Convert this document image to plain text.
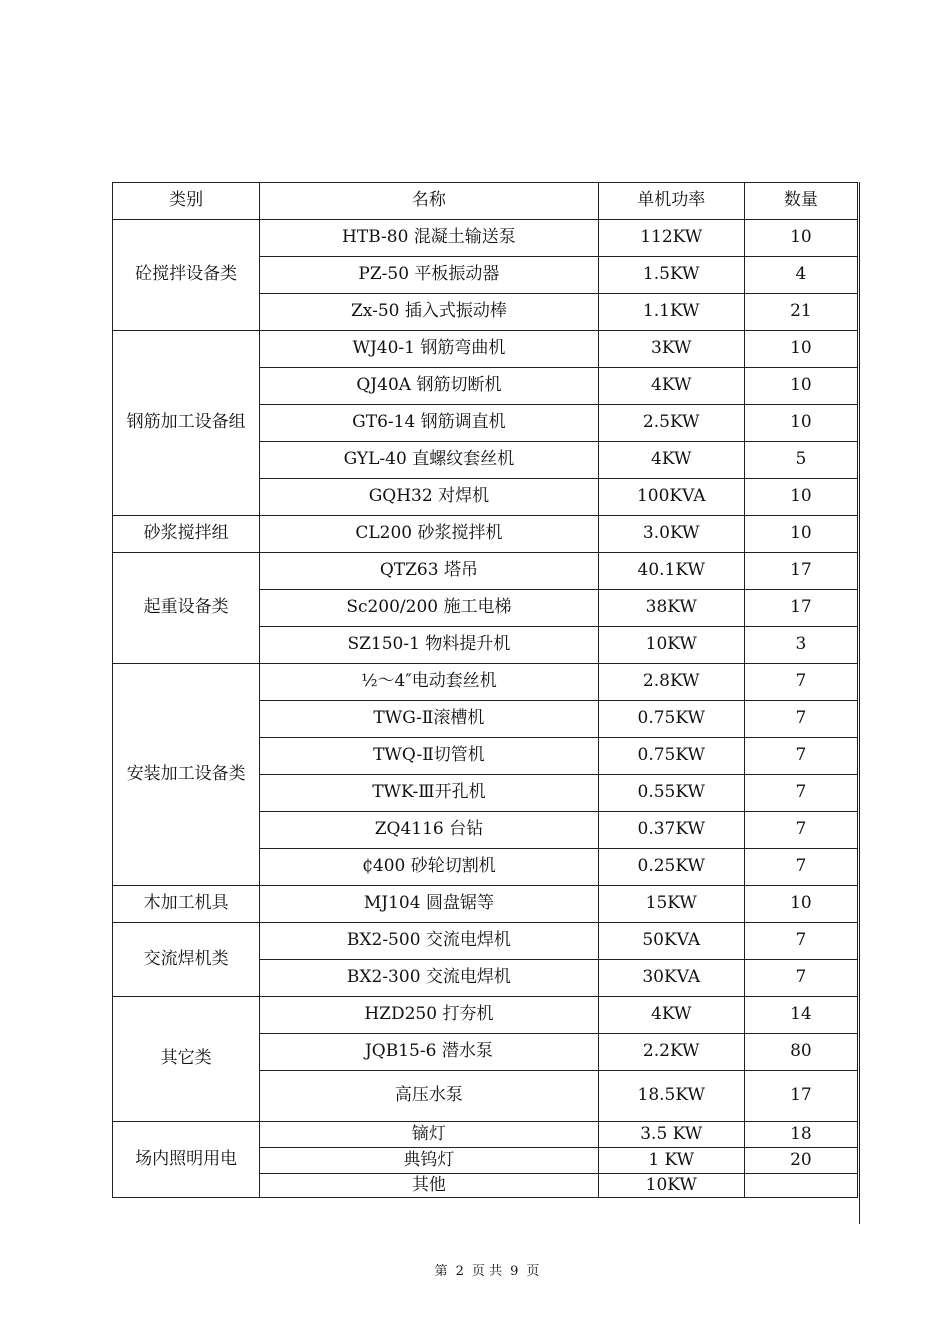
类别	名称	单机功率	数量
砼搅拌设备类	HTB-80 混凝土输送泵	112KW	10
	PZ-50 平板振动器	1.5KW	4
	Zx-50 插入式振动棒	1.1KW	21
钢筋加工设备组	WJ40-1 钢筋弯曲机	3KW	10
	QJ40A 钢筋切断机	4KW	10
	GT6-14 钢筋调直机	2.5KW	10
	GYL-40 直螺纹套丝机	4KW	5
	GQH32 对焊机	100KVA	10
砂浆搅拌组	CL200 砂浆搅拌机	3.0KW	10
起重设备类	QTZ63 塔吊	40.1KW	17
	Sc200/200 施工电梯	38KW	17
	SZ150-1 物料提升机	10KW	3
安装加工设备类	½～4″电动套丝机	2.8KW	7
	TWG-Ⅱ滚槽机	0.75KW	7
	TWQ-Ⅱ切管机	0.75KW	7
	TWK-Ⅲ开孔机	0.55KW	7
	ZQ4116 台钻	0.37KW	7
	₵400 砂轮切割机	0.25KW	7
木加工机具	MJ104 圆盘锯等	15KW	10
交流焊机类	BX2-500 交流电焊机	50KVA	7
	BX2-300 交流电焊机	30KVA	7
其它类	HZD250 打夯机	4KW	14
	JQB15-6 潜水泵	2.2KW	80
	高压水泵	18.5KW	17
场内照明用电	镝灯	3.5 KW	18
	典钨灯	1 KW	20
	其他	10KW	
第 2 页 共 9 页
